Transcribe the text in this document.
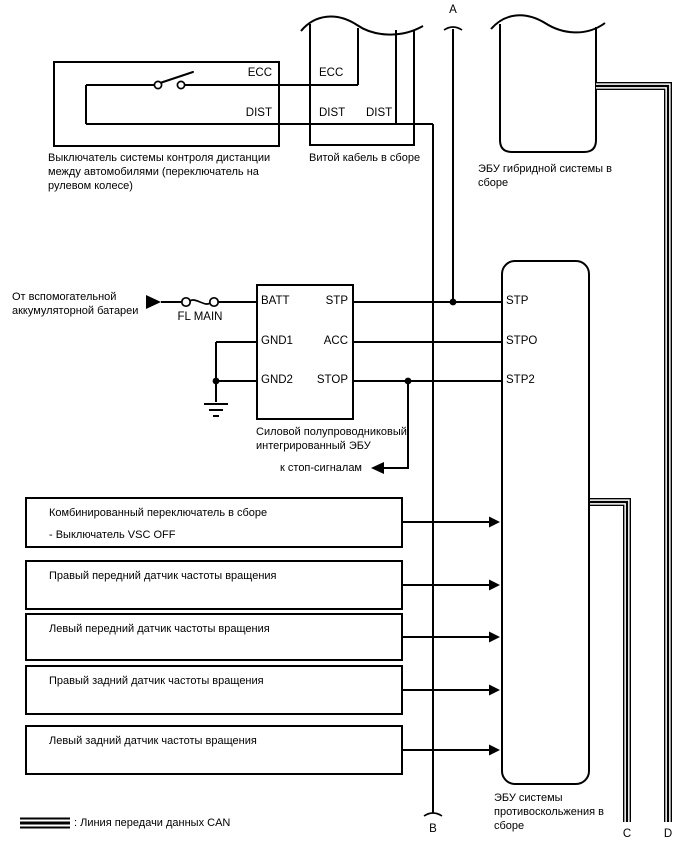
Комбинированный переключатель в сборе
- Выключатель VSC OFF
Правый передний датчик частоты вращения
Левый передний датчик частоты вращения
Правый задний датчик частоты вращения
Левый задний датчик частоты вращения
A
B	C	D
ECC
DIST
Выключатель системы контроля дистанции между автомобилями (переключатель на рулевом колесе)
ECC
DIST DIST
Витой кабель в сборе
ЭБУ гибридной системы в сборе
От вспомогательной аккумуляторной батареи	FL MAIN
BATT
GND1
GND2
STP
ACC
STOP
Силовой полупроводниковый интегрированный ЭБУ
к стоп-сигналам
STP
STPO
STP2
ЭБУ системы противоскольжения в сборе
: Линия передачи данных CAN
